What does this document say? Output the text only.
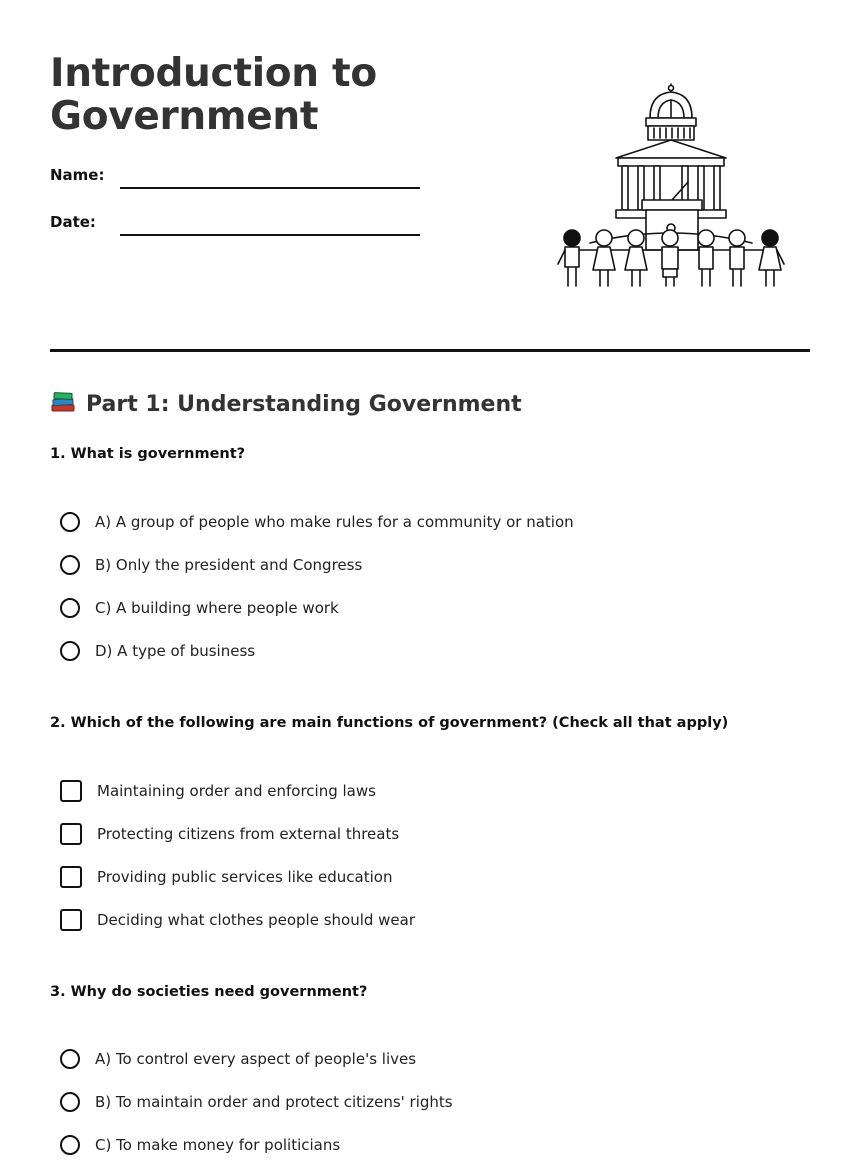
Introduction to Government
Name:
Date:
Part 1: Understanding Government

1. What is government?

A) A group of people who make rules for a community or nation
B) Only the president and Congress
C) A building where people work
D) A type of business

2. Which of the following are main functions of government? (Check all that apply)

Maintaining order and enforcing laws
Protecting citizens from external threats
Providing public services like education
Deciding what clothes people should wear

3. Why do societies need government?

A) To control every aspect of people's lives
B) To maintain order and protect citizens' rights
C) To make money for politicians
